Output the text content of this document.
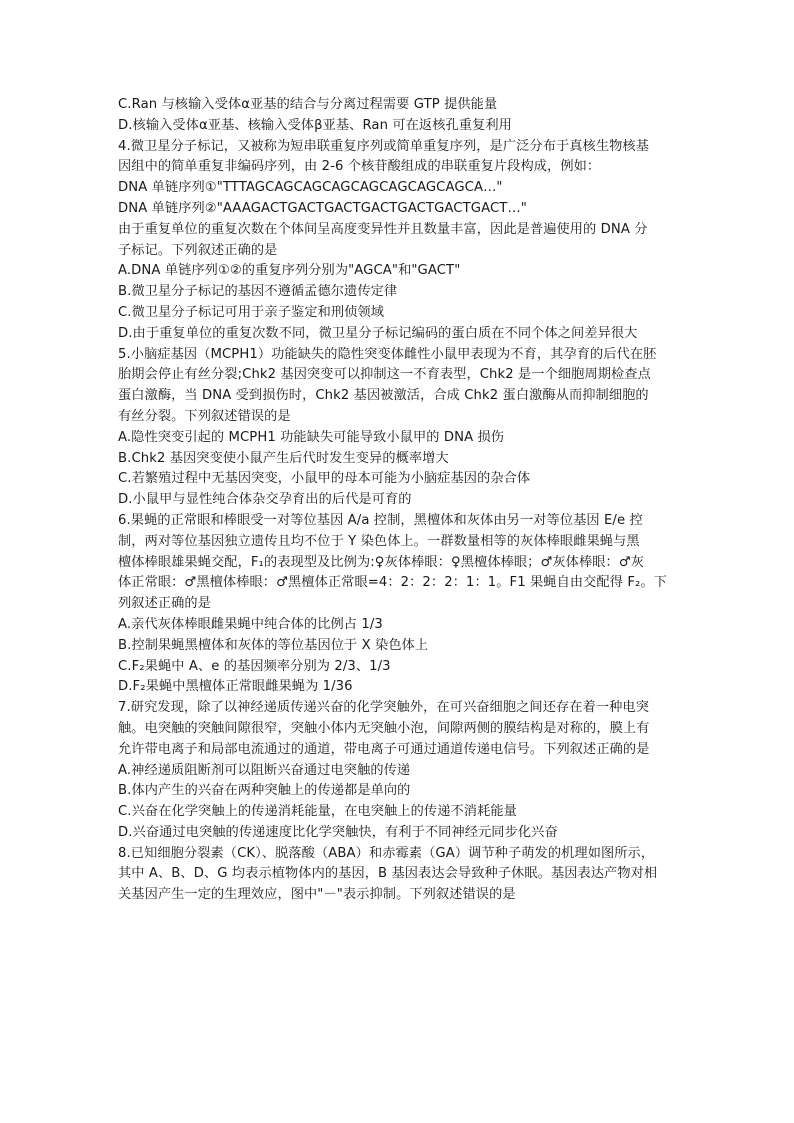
C.Ran 与核输入受体α亚基的结合与分离过程需要 GTP 提供能量
D.核输入受体α亚基、核输入受体β亚基、Ran 可在返核孔重复利用
4.微卫星分子标记，又被称为短串联重复序列或简单重复序列，是广泛分布于真核生物核基
因组中的简单重复非编码序列，由 2-6 个核苷酸组成的串联重复片段构成，例如：
DNA 单链序列①"TTTAGCAGCAGCAGCAGCAGCAGCAGCA…"
DNA 单链序列②"AAAGACTGACTGACTGACTGACTGACTGACT…"
由于重复单位的重复次数在个体间呈高度变异性并且数量丰富，因此是普遍使用的 DNA 分
子标记。下列叙述正确的是
A.DNA 单链序列①②的重复序列分别为"AGCA"和"GACT"
B.微卫星分子标记的基因不遵循孟德尔遗传定律
C.微卫星分子标记可用于亲子鉴定和刑侦领域
D.由于重复单位的重复次数不同，微卫星分子标记编码的蛋白质在不同个体之间差异很大
5.小脑症基因（MCPH1）功能缺失的隐性突变体雌性小鼠甲表现为不育，其孕育的后代在胚
胎期会停止有丝分裂;Chk2 基因突变可以抑制这一不育表型，Chk2 是一个细胞周期检查点
蛋白激酶，当 DNA 受到损伤时，Chk2 基因被激活，合成 Chk2 蛋白激酶从而抑制细胞的
有丝分裂。下列叙述错误的是
A.隐性突变引起的 MCPH1 功能缺失可能导致小鼠甲的 DNA 损伤
B.Chk2 基因突变使小鼠产生后代时发生变异的概率增大
C.若繁殖过程中无基因突变，小鼠甲的母本可能为小脑症基因的杂合体
D.小鼠甲与显性纯合体杂交孕育出的后代是可育的
6.果蝇的正常眼和棒眼受一对等位基因 A/a 控制，黑檀体和灰体由另一对等位基因 E/e 控
制，两对等位基因独立遗传且均不位于 Y 染色体上。一群数量相等的灰体棒眼雌果蝇与黑
檀体棒眼雄果蝇交配，F₁的表现型及比例为:♀灰体棒眼：♀黑檀体棒眼；♂灰体棒眼：♂灰
体正常眼：♂黑檀体棒眼：♂黑檀体正常眼=4：2：2：2：1：1。F1 果蝇自由交配得 F₂。下
列叙述正确的是
A.亲代灰体棒眼雌果蝇中纯合体的比例占 1/3
B.控制果蝇黑檀体和灰体的等位基因位于 X 染色体上
C.F₂果蝇中 A、e 的基因频率分别为 2/3、1/3
D.F₂果蝇中黑檀体正常眼雌果蝇为 1/36
7.研究发现，除了以神经递质传递兴奋的化学突触外，在可兴奋细胞之间还存在着一种电突
触。电突触的突触间隙很窄，突触小体内无突触小泡，间隙两侧的膜结构是对称的，膜上有
允许带电离子和局部电流通过的通道，带电离子可通过通道传递电信号。下列叙述正确的是
A.神经递质阻断剂可以阻断兴奋通过电突触的传递
B.体内产生的兴奋在两种突触上的传递都是单向的
C.兴奋在化学突触上的传递消耗能量，在电突触上的传递不消耗能量
D.兴奋通过电突触的传递速度比化学突触快，有利于不同神经元同步化兴奋
8.已知细胞分裂素（CK）、脱落酸（ABA）和赤霉素（GA）调节种子萌发的机理如图所示，
其中 A、B、D、G 均表示植物体内的基因，B 基因表达会导致种子休眠。基因表达产物对相
关基因产生一定的生理效应，图中"－"表示抑制。下列叙述错误的是
